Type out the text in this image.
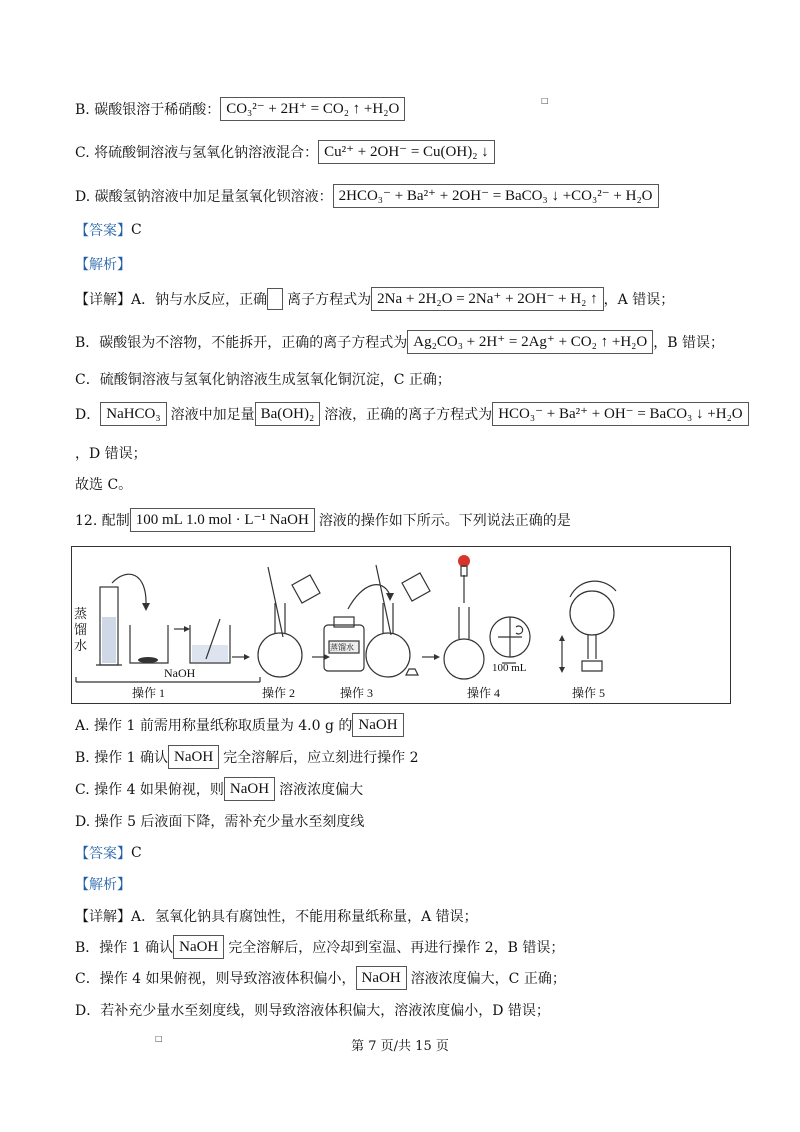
□
□
B. 碳酸银溶于稀硝酸： CO₃²⁻ + 2H⁺ = CO₂ ↑ +H₂O
C. 将硫酸铜溶液与氢氧化钠溶液混合： Cu²⁺ + 2OH⁻ = Cu(OH)₂ ↓
D. 碳酸氢钠溶液中加足量氢氧化钡溶液： 2HCO₃⁻ + Ba²⁺ + 2OH⁻ = BaCO₃ ↓ +CO₃²⁻ + H₂O
【答案】 C
【解析】
【详解】A．钠与水反应，正确 离子方程式为 2Na + 2H₂O = 2Na⁺ + 2OH⁻ + H₂ ↑ ，A 错误；
B．碳酸银为不溶物，不能拆开，正确的离子方程式为 Ag₂CO₃ + 2H⁺ = 2Ag⁺ + CO₂ ↑ +H₂O ，B 错误；
C．硫酸铜溶液与氢氧化钠溶液生成氢氧化铜沉淀，C 正确；
D． NaHCO₃ 溶液中加足量 Ba(OH)₂ 溶液，正确的离子方程式为 HCO₃⁻ + Ba²⁺ + OH⁻ = BaCO₃ ↓ +H₂O
，D 错误；
故选 C。
12. 配制 100 mL 1.0 mol · L⁻¹ NaOH 溶液的操作如下所示。下列说法正确的是
NaOH
蒸馏水
100 mL
操作 1	操作 2	操作 3	操作 4	操作 5
蒸馏水
A. 操作 1 前需用称量纸称取质量为 4.0 g 的 NaOH
B. 操作 1 确认 NaOH 完全溶解后，应立刻进行操作 2
C. 操作 4 如果俯视，则 NaOH 溶液浓度偏大
D. 操作 5 后液面下降，需补充少量水至刻度线
【答案】 C
【解析】
【详解】A．氢氧化钠具有腐蚀性，不能用称量纸称量，A 错误；
B．操作 1 确认 NaOH 完全溶解后，应冷却到室温、再进行操作 2，B 错误；
C．操作 4 如果俯视，则导致溶液体积偏小， NaOH 溶液浓度偏大，C 正确；
D．若补充少量水至刻度线，则导致溶液体积偏大，溶液浓度偏小，D 错误；
第 7 页/共 15 页
